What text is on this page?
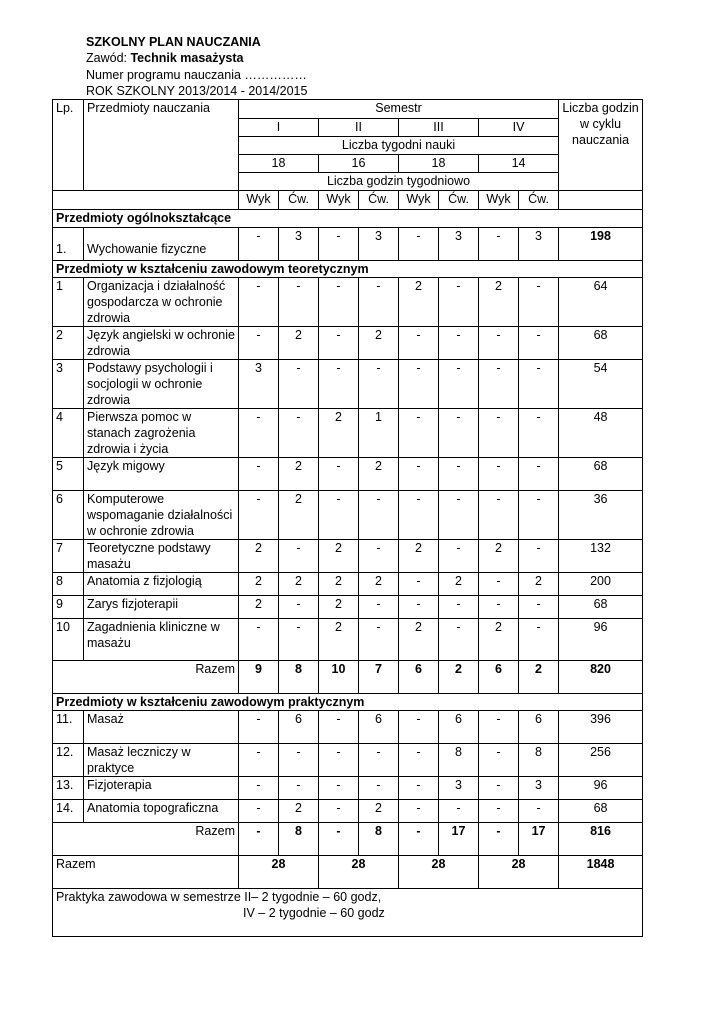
SZKOLNY PLAN NAUCZANIA
Zawód: Technik masażysta
Numer programu nauczania ……………
ROK SZKOLNY 2013/2014 - 2014/2015
Lp.	Przedmioty nauczania	Semestr								Liczba godzin w cyklu nauczania
		I		II		III		IV		
		Liczba tygodni nauki								
		18		16		18		14		
		Liczba godzin tygodniowo								
		Wyk	Ćw.	Wyk	Ćw.	Wyk	Ćw.	Wyk	Ćw.	
Przedmioty ogólnokształcące										
1.	Wychowanie fizyczne	-	3	-	3	-	3	-	3	198
Przedmioty w kształceniu zawodowym teoretycznym										
1	Organizacja i działalność gospodarcza w ochronie zdrowia	-	-	-	-	2	-	2	-	64
2	Język angielski w ochronie zdrowia	-	2	-	2	-	-	-	-	68
3	Podstawy psychologii i socjologii w ochronie zdrowia	3	-	-	-	-	-	-	-	54
4	Pierwsza pomoc w stanach zagrożenia zdrowia i życia	-	-	2	1	-	-	-	-	48
5	Język migowy	-	2	-	2	-	-	-	-	68
6	Komputerowe wspomaganie działalności w ochronie zdrowia	-	2	-	-	-	-	-	-	36
7	Teoretyczne podstawy masażu	2	-	2	-	2	-	2	-	132
8	Anatomia z fizjologią	2	2	2	2	-	2	-	2	200
9	Zarys fizjoterapii	2	-	2	-	-	-	-	-	68
10	Zagadnienia kliniczne w masażu	-	-	2	-	2	-	2	-	96
Razem		9	8	10	7	6	2	6	2	820
Przedmioty w kształceniu zawodowym praktycznym										
11.	Masaż	-	6	-	6	-	6	-	6	396
12.	Masaż leczniczy w praktyce	-	-	-	-	-	8	-	8	256
13.	Fizjoterapia	-	-	-	-	-	3	-	3	96
14.	Anatomia topograficzna	-	2	-	2	-	-	-	-	68
Razem		-	8	-	8	-	17	-	17	816
Razem		28		28		28		28		1848

Praktyka zawodowa w semestrze II– 2 tygodnie – 60 godz,
IV – 2 tygodnie – 60 godz										
